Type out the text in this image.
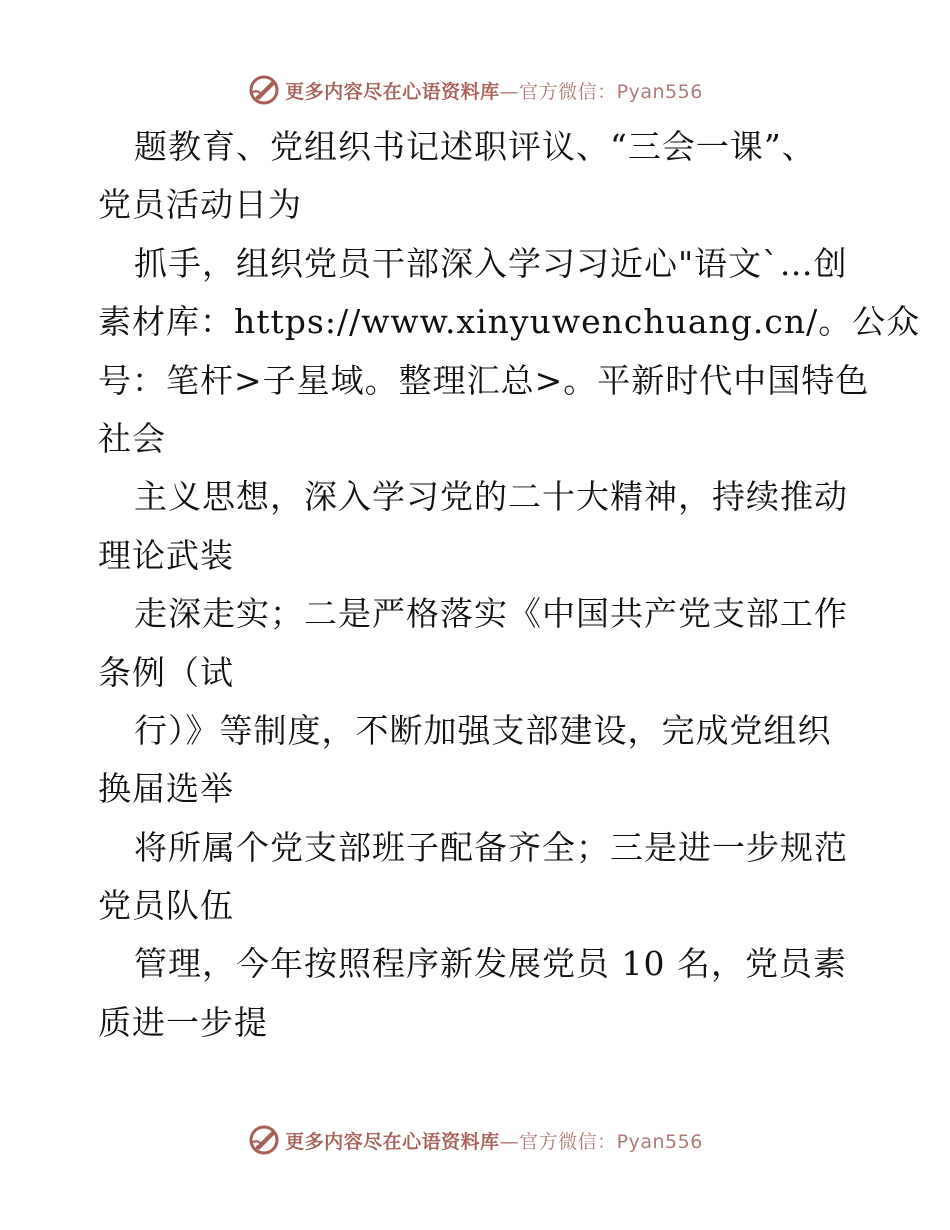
更多内容尽在心语资料库—官方微信：Pyan556
题教育、党组织书记述职评议、“三会一课”、
党员活动日为
抓手，组织党员干部深入学习习近心"语文`…创
素材库：https://www.xinyuwenchuang.cn/。公众
号：笔杆>子星域。整理汇总>。平新时代中国特色
社会
主义思想，深入学习党的二十大精神，持续推动
理论武装
走深走实；二是严格落实《中国共产党支部工作
条例（试
行）》等制度，不断加强支部建设，完成党组织
换届选举
将所属个党支部班子配备齐全；三是进一步规范
党员队伍
管理，今年按照程序新发展党员 10 名，党员素
质进一步提
更多内容尽在心语资料库—官方微信：Pyan556
